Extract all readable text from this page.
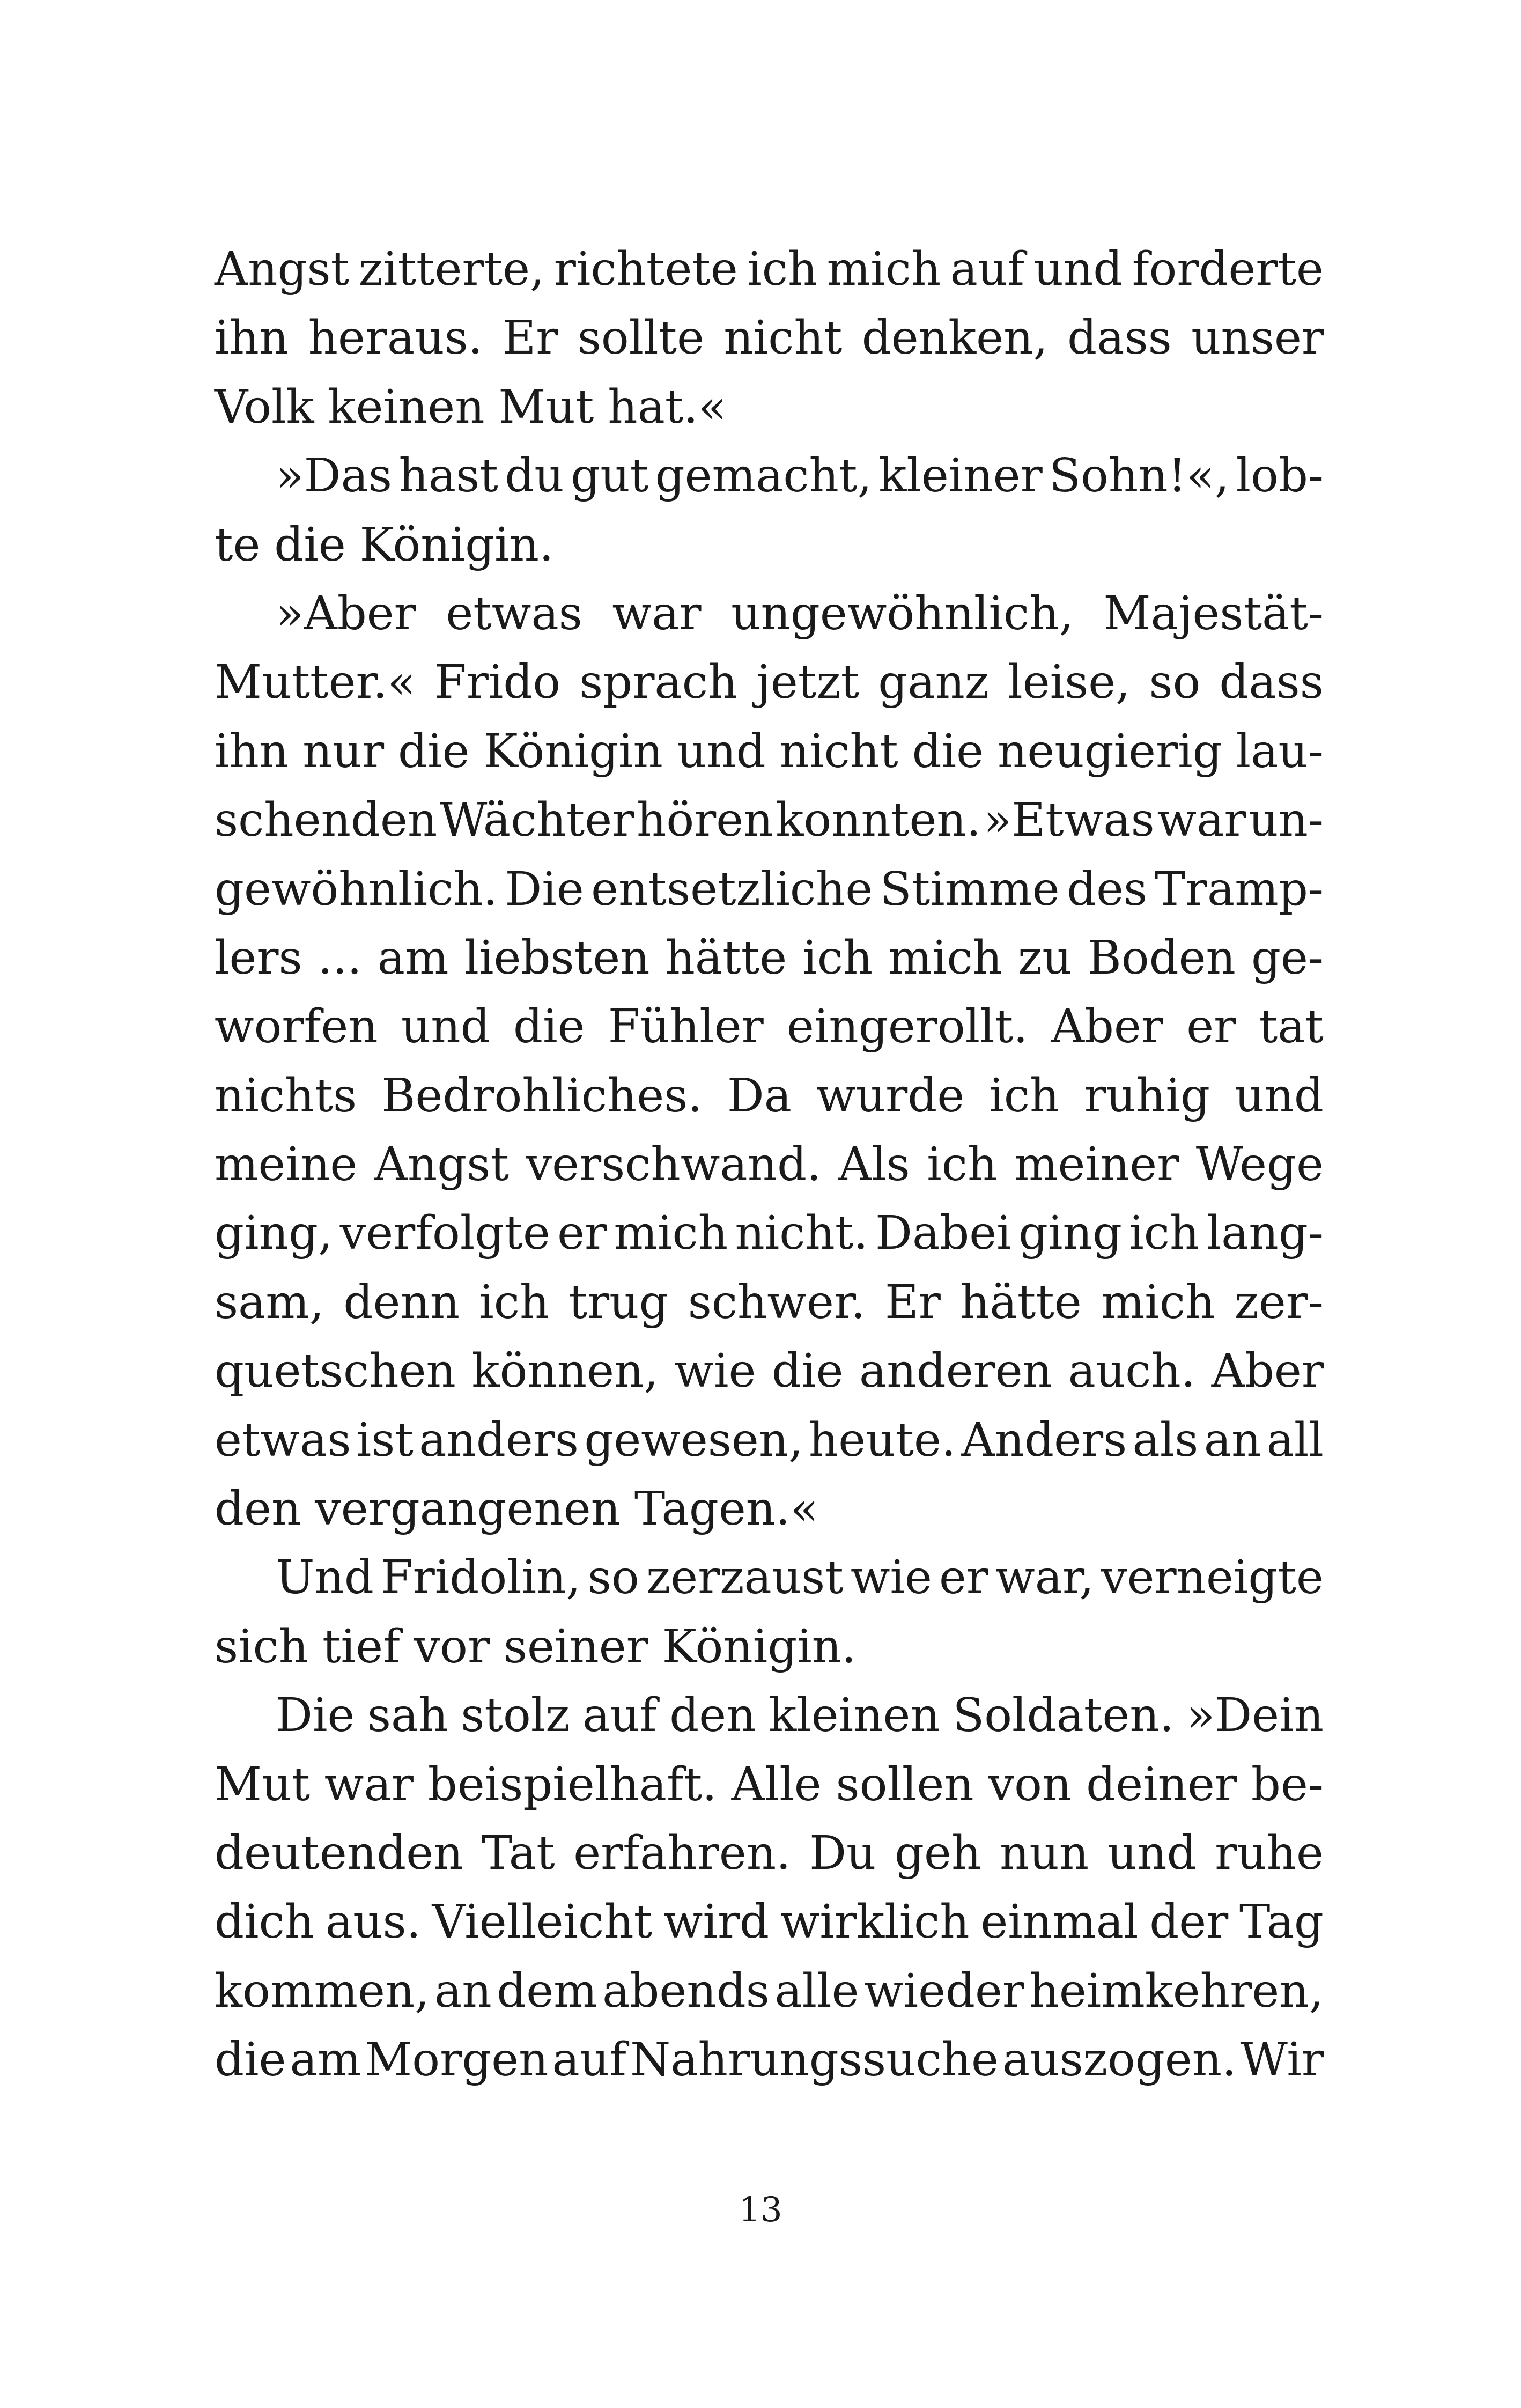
Angst zitterte, richtete ich mich auf und forderte
ihn heraus. Er sollte nicht denken, dass unser
Volk keinen Mut hat.«
»Das hast du gut gemacht, kleiner Sohn!«, lob-
te die Königin.
»Aber etwas war ungewöhnlich, Majestät-
Mutter.« Frido sprach jetzt ganz leise, so dass
ihn nur die Königin und nicht die neugierig lau-
schenden Wächter hören konnten. »Etwas war un-
gewöhnlich. Die entsetzliche Stimme des Tramp-
lers ... am liebsten hätte ich mich zu Boden ge-
worfen und die Fühler eingerollt. Aber er tat
nichts Bedrohliches. Da wurde ich ruhig und
meine Angst verschwand. Als ich meiner Wege
ging, verfolgte er mich nicht. Dabei ging ich lang-
sam, denn ich trug schwer. Er hätte mich zer-
quetschen können, wie die anderen auch. Aber
etwas ist anders gewesen, heute. Anders als an all
den vergangenen Tagen.«
Und Fridolin, so zerzaust wie er war, verneigte
sich tief vor seiner Königin.
Die sah stolz auf den kleinen Soldaten. »Dein
Mut war beispielhaft. Alle sollen von deiner be-
deutenden Tat erfahren. Du geh nun und ruhe
dich aus. Vielleicht wird wirklich einmal der Tag
kommen, an dem abends alle wieder heimkehren,
die am Morgen auf Nahrungssuche auszogen. Wir
13
